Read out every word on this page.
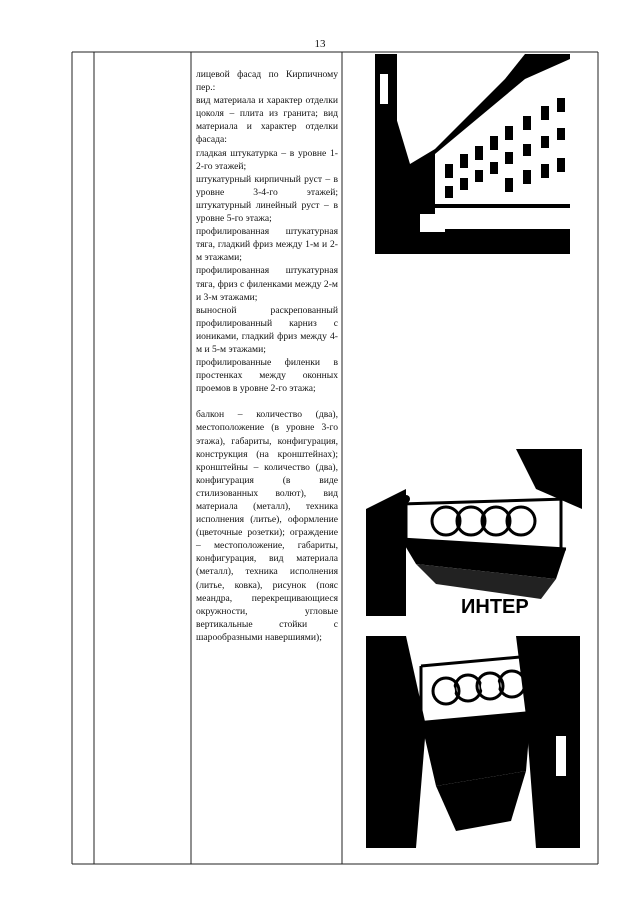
13

лицевой фасад по Кирпичному пер.:

вид материала и характер отделки цоколя – плита из гранита; вид материала и характер отделки фасада:

гладкая штукатурка – в уровне 1-2-го этажей;

штукатурный кирпичный руст – в уровне 3-4-го этажей; штукатурный линейный руст – в уровне 5-го этажа;

профилированная штукатурная тяга, гладкий фриз между 1-м и 2-м этажами;

профилированная штукатурная тяга, фриз с филенками между 2-м и 3-м этажами;

выносной раскрепованный профилированный карниз с иониками, гладкий фриз между 4-м и 5-м этажами;

профилированные филенки в простенках между оконных проемов в уровне 2-го этажа;

балкон – количество (два), местоположение (в уровне 3-го этажа), габариты, конфигурация, конструкция (на кронштейнах); кронштейны – количество (два), конфигурация (в виде стилизованных волют), вид материала (металл), техника исполнения (литье), оформление (цветочные розетки); ограждение – местоположение, габариты, конфигурация, вид материала (металл), техника исполнения (литье, ковка), рисунок (пояс меандра, перекрещивающиеся окружности, угловые вертикальные стойки с шарообразными навершиями);

ИНТЕР
